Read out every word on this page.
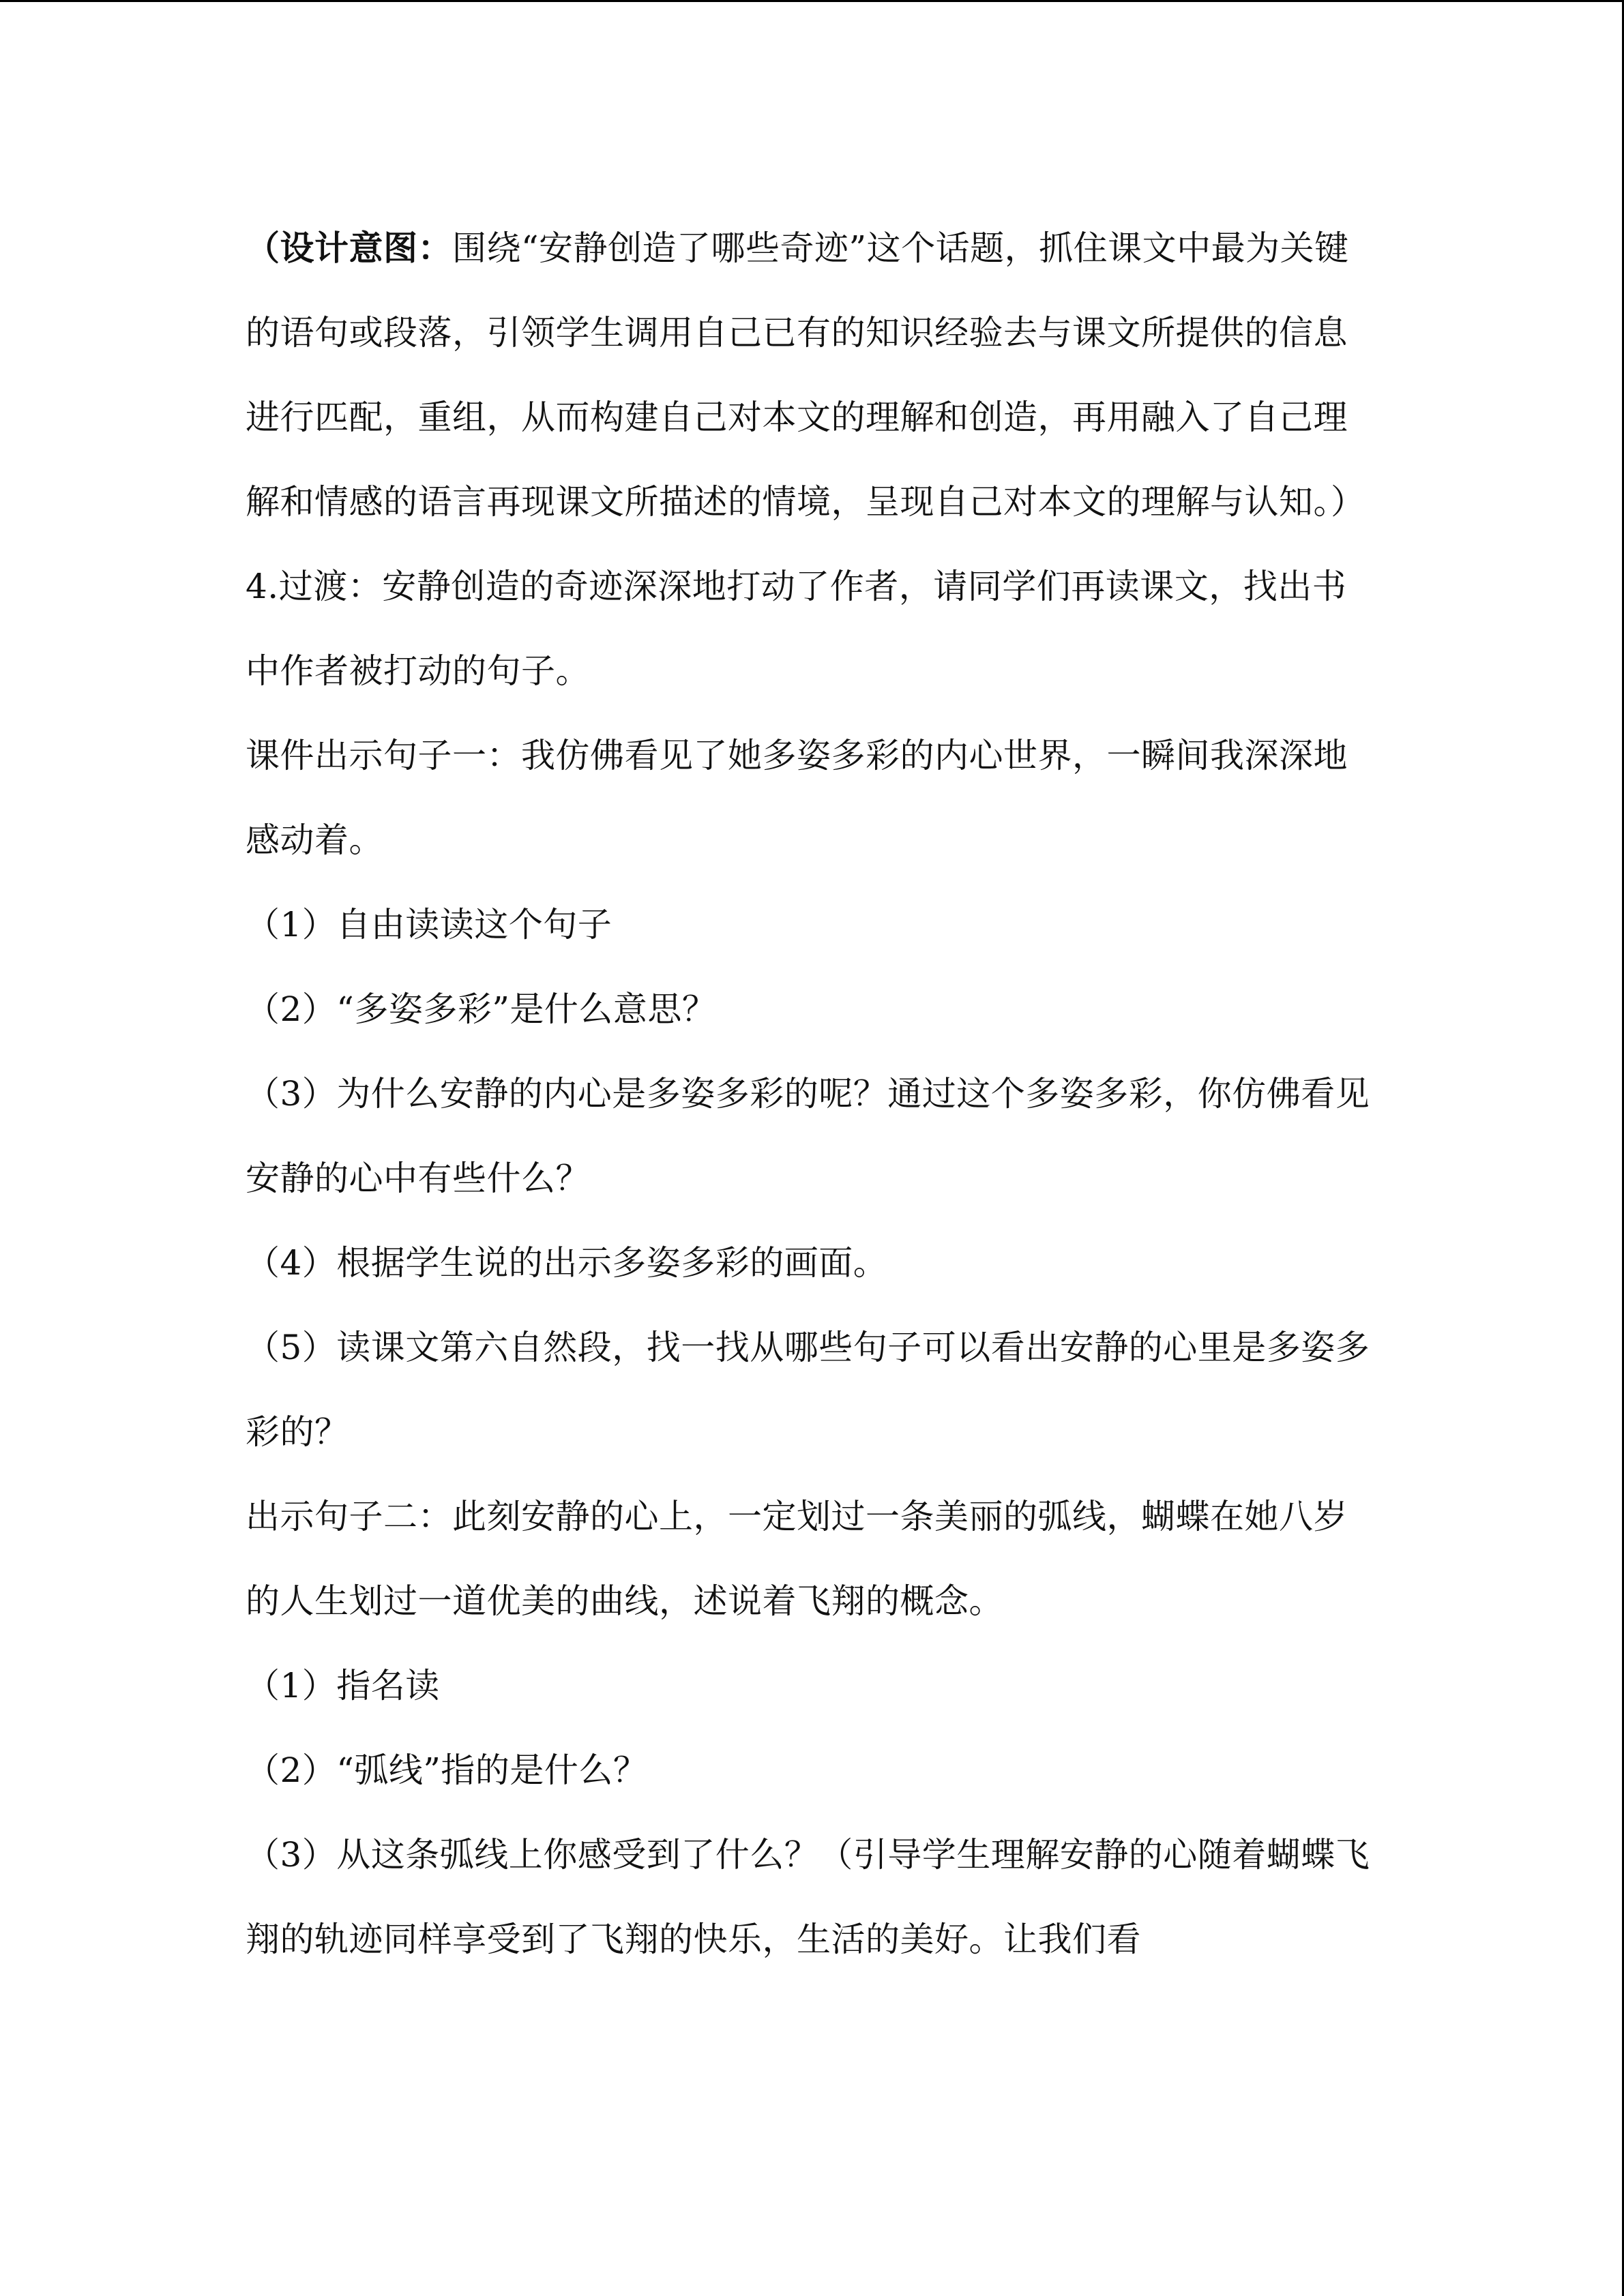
（设计意图：围绕“安静创造了哪些奇迹”这个话题，抓住课文中最为关键的语句或段落，引领学生调用自己已有的知识经验去与课文所提供的信息进行匹配，重组，从而构建自己对本文的理解和创造，再用融入了自己理解和情感的语言再现课文所描述的情境，呈现自己对本文的理解与认知。）

4.过渡：安静创造的奇迹深深地打动了作者，请同学们再读课文，找出书中作者被打动的句子。

课件出示句子一：我仿佛看见了她多姿多彩的内心世界，一瞬间我深深地感动着。

（1）自由读读这个句子

（2）“多姿多彩”是什么意思？

（3）为什么安静的内心是多姿多彩的呢？通过这个多姿多彩，你仿佛看见安静的心中有些什么？

（4）根据学生说的出示多姿多彩的画面。

（5）读课文第六自然段，找一找从哪些句子可以看出安静的心里是多姿多彩的？

出示句子二：此刻安静的心上，一定划过一条美丽的弧线，蝴蝶在她八岁的人生划过一道优美的曲线，述说着飞翔的概念。

（1）指名读

（2）“弧线”指的是什么？

（3）从这条弧线上你感受到了什么？（引导学生理解安静的心随着蝴蝶飞翔的轨迹同样享受到了飞翔的快乐，生活的美好。让我们看
